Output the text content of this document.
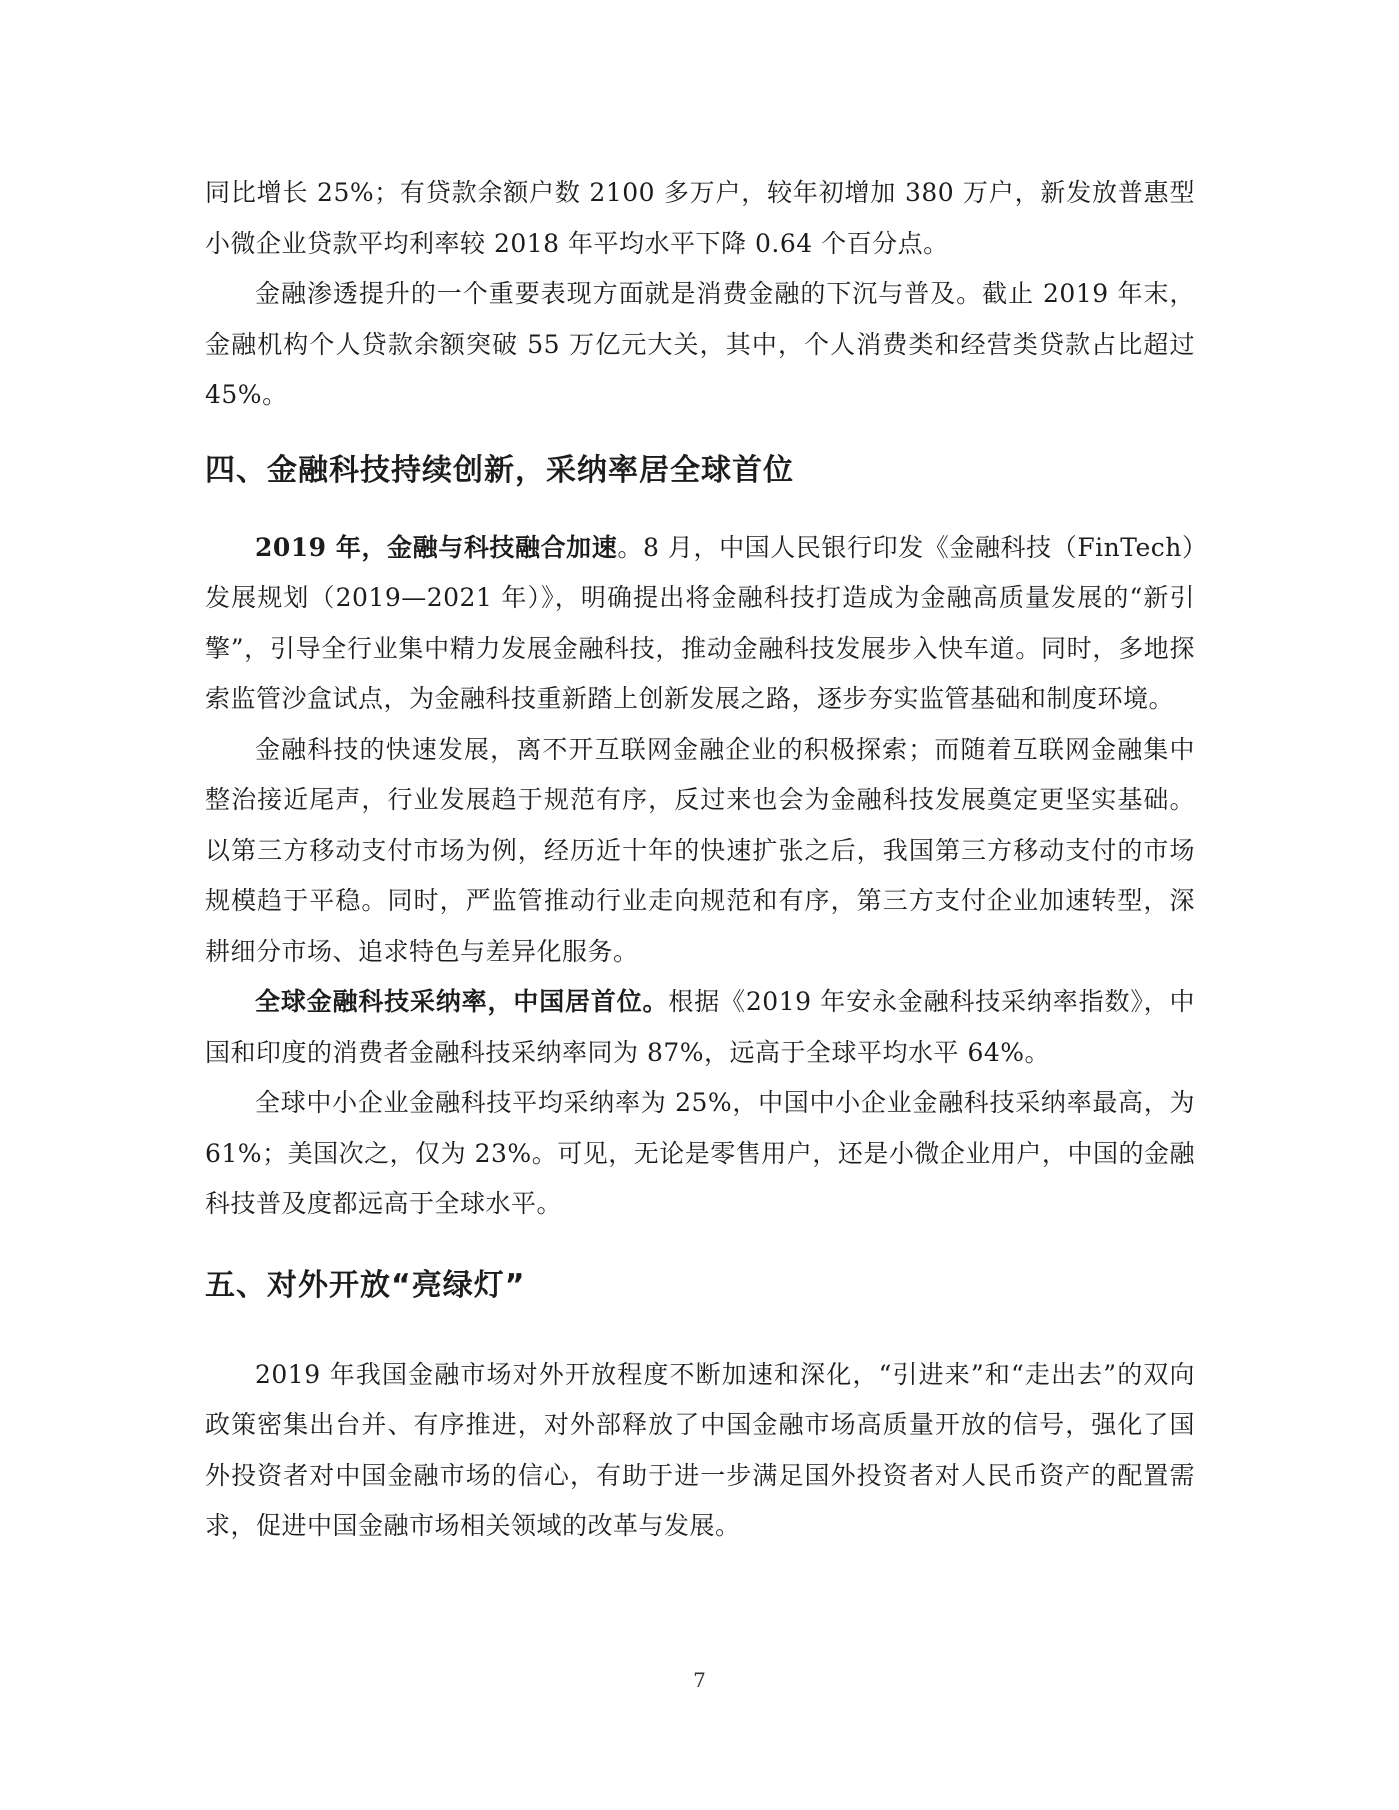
同比增长 25%；有贷款余额户数 2100 多万户，较年初增加 380 万户，新发放普惠型小微企业贷款平均利率较 2018 年平均水平下降 0.64 个百分点。

金融渗透提升的一个重要表现方面就是消费金融的下沉与普及。截止 2019 年末，金融机构个人贷款余额突破 55 万亿元大关，其中，个人消费类和经营类贷款占比超过 45%。

四、金融科技持续创新，采纳率居全球首位

2019 年，金融与科技融合加速。8 月，中国人民银行印发《金融科技（FinTech）发展规划（2019—2021 年）》，明确提出将金融科技打造成为金融高质量发展的“新引擎”，引导全行业集中精力发展金融科技，推动金融科技发展步入快车道。同时，多地探索监管沙盒试点，为金融科技重新踏上创新发展之路，逐步夯实监管基础和制度环境。

金融科技的快速发展，离不开互联网金融企业的积极探索；而随着互联网金融集中整治接近尾声，行业发展趋于规范有序，反过来也会为金融科技发展奠定更坚实基础。以第三方移动支付市场为例，经历近十年的快速扩张之后，我国第三方移动支付的市场规模趋于平稳。同时，严监管推动行业走向规范和有序，第三方支付企业加速转型，深耕细分市场、追求特色与差异化服务。

全球金融科技采纳率，中国居首位。根据《2019 年安永金融科技采纳率指数》，中国和印度的消费者金融科技采纳率同为 87%，远高于全球平均水平 64%。

全球中小企业金融科技平均采纳率为 25%，中国中小企业金融科技采纳率最高，为 61%；美国次之，仅为 23%。可见，无论是零售用户，还是小微企业用户，中国的金融科技普及度都远高于全球水平。

五、对外开放“亮绿灯”

2019 年我国金融市场对外开放程度不断加速和深化，“引进来”和“走出去”的双向政策密集出台并、有序推进，对外部释放了中国金融市场高质量开放的信号，强化了国外投资者对中国金融市场的信心，有助于进一步满足国外投资者对人民币资产的配置需求，促进中国金融市场相关领域的改革与发展。

7
